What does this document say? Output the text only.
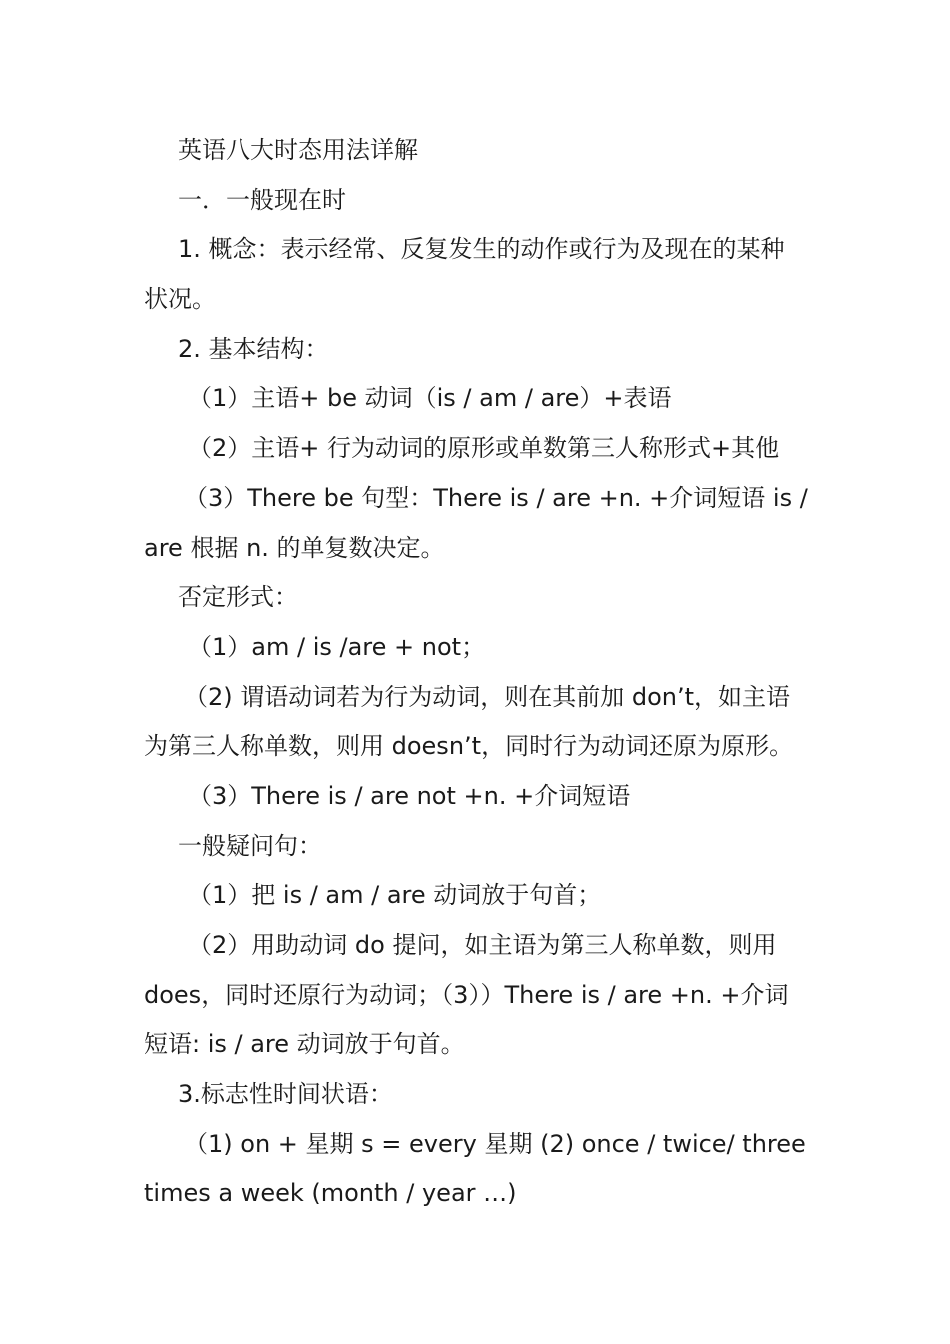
英语八大时态用法详解
一．一般现在时
1. 概念：表示经常、反复发生的动作或行为及现在的某种
状况。
2. 基本结构：
（1）主语+ be 动词（is / am / are）+表语
（2）主语+ 行为动词的原形或单数第三人称形式+其他
（3）There be 句型：There is / are +n. +介词短语 is /
are 根据 n. 的单复数决定。
否定形式：
（1）am / is /are + not；
（2) 谓语动词若为行为动词，则在其前加 don’t，如主语
为第三人称单数，则用 doesn’t，同时行为动词还原为原形。
（3）There is / are not +n. +介词短语
一般疑问句：
（1）把 is / am / are 动词放于句首；
（2）用助动词 do 提问，如主语为第三人称单数，则用
does，同时还原行为动词；（3））There is / are +n. +介词
短语: is / are 动词放于句首。
3.标志性时间状语：
（1) on + 星期 s = every 星期 (2) once / twice/ three
times a week (month / year …)
